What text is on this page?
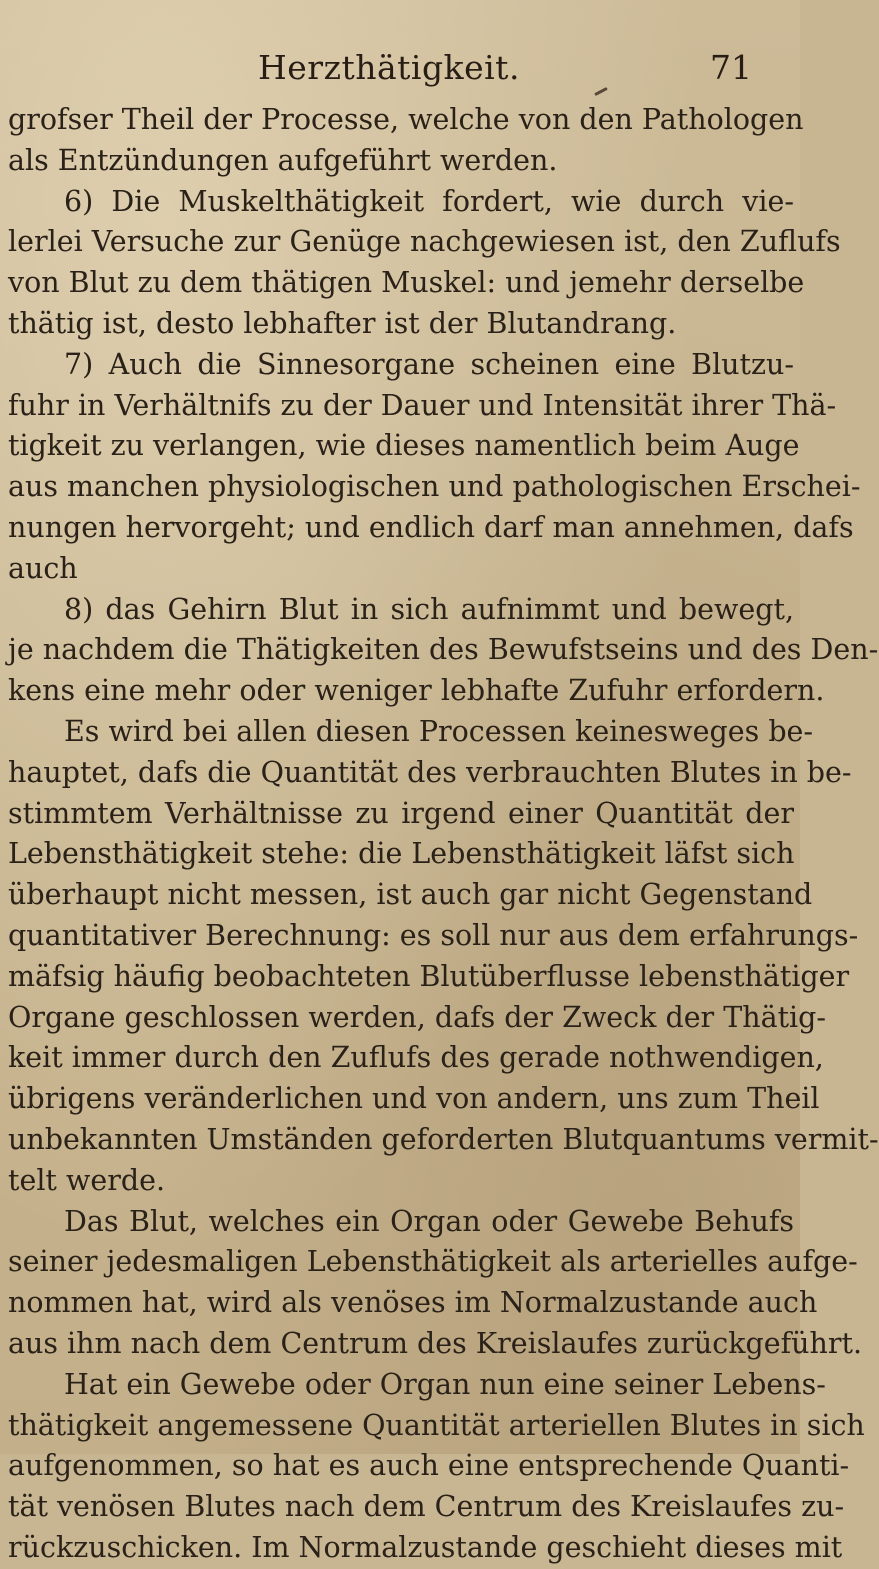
Herzthätigkeit.	71
grofser Theil der Processe, welche von den Pathologen
als Entzündungen aufgeführt werden.
6) Die Muskelthätigkeit fordert, wie durch vie-
lerlei Versuche zur Genüge nachgewiesen ist, den Zuflufs
von Blut zu dem thätigen Muskel: und jemehr derselbe
thätig ist, desto lebhafter ist der Blutandrang.
7) Auch die Sinnesorgane scheinen eine Blutzu-
fuhr in Verhältnifs zu der Dauer und Intensität ihrer Thä-
tigkeit zu verlangen, wie dieses namentlich beim Auge
aus manchen physiologischen und pathologischen Erschei-
nungen hervorgeht; und endlich darf man annehmen, dafs
auch
8) das Gehirn Blut in sich aufnimmt und bewegt,
je nachdem die Thätigkeiten des Bewufstseins und des Den-
kens eine mehr oder weniger lebhafte Zufuhr erfordern.
Es wird bei allen diesen Processen keinesweges be-
hauptet, dafs die Quantität des verbrauchten Blutes in be-
stimmtem Verhältnisse zu irgend einer Quantität der
Lebensthätigkeit stehe: die Lebensthätigkeit läfst sich
überhaupt nicht messen, ist auch gar nicht Gegenstand
quantitativer Berechnung: es soll nur aus dem erfahrungs-
mäfsig häufig beobachteten Blutüberflusse lebensthätiger
Organe geschlossen werden, dafs der Zweck der Thätig-
keit immer durch den Zuflufs des gerade nothwendigen,
übrigens veränderlichen und von andern, uns zum Theil
unbekannten Umständen geforderten Blutquantums vermit-
telt werde.
Das Blut, welches ein Organ oder Gewebe Behufs
seiner jedesmaligen Lebensthätigkeit als arterielles aufge-
nommen hat, wird als venöses im Normalzustande auch
aus ihm nach dem Centrum des Kreislaufes zurückgeführt.
Hat ein Gewebe oder Organ nun eine seiner Lebens-
thätigkeit angemessene Quantität arteriellen Blutes in sich
aufgenommen, so hat es auch eine entsprechende Quanti-
tät venösen Blutes nach dem Centrum des Kreislaufes zu-
rückzuschicken. Im Normalzustande geschieht dieses mit
